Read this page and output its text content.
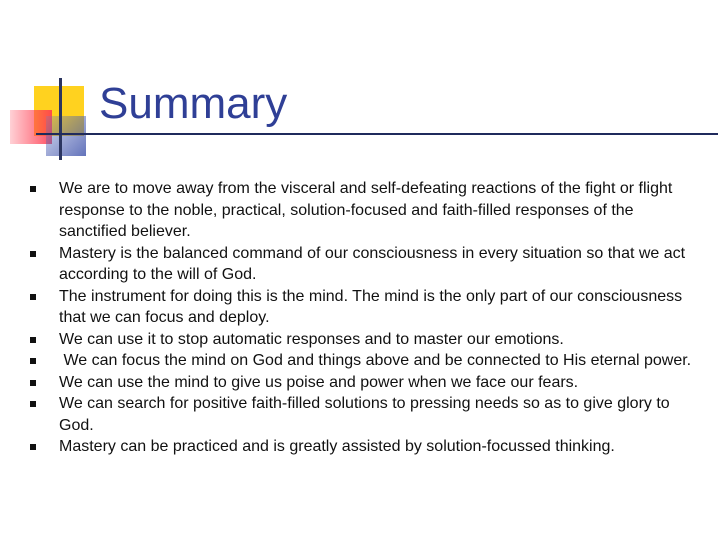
Summary
We are to move away from the visceral and self-defeating reactions of the fight or flight response to the noble, practical, solution-focused and faith-filled responses of the sanctified believer.
Mastery is the balanced command of our consciousness in every situation so that we act according to the will of God.
The instrument for doing this is the mind. The mind is the only part of our consciousness that we can focus and deploy.
We can use it to stop automatic responses and to master our emotions.
We can focus the mind on God and things above and be connected to His eternal power.
We can use the mind to give us poise and power when we face our fears.
We can search for positive faith-filled solutions to pressing needs so as to give glory to God.
Mastery can be practiced and is greatly assisted by solution-focussed thinking.
